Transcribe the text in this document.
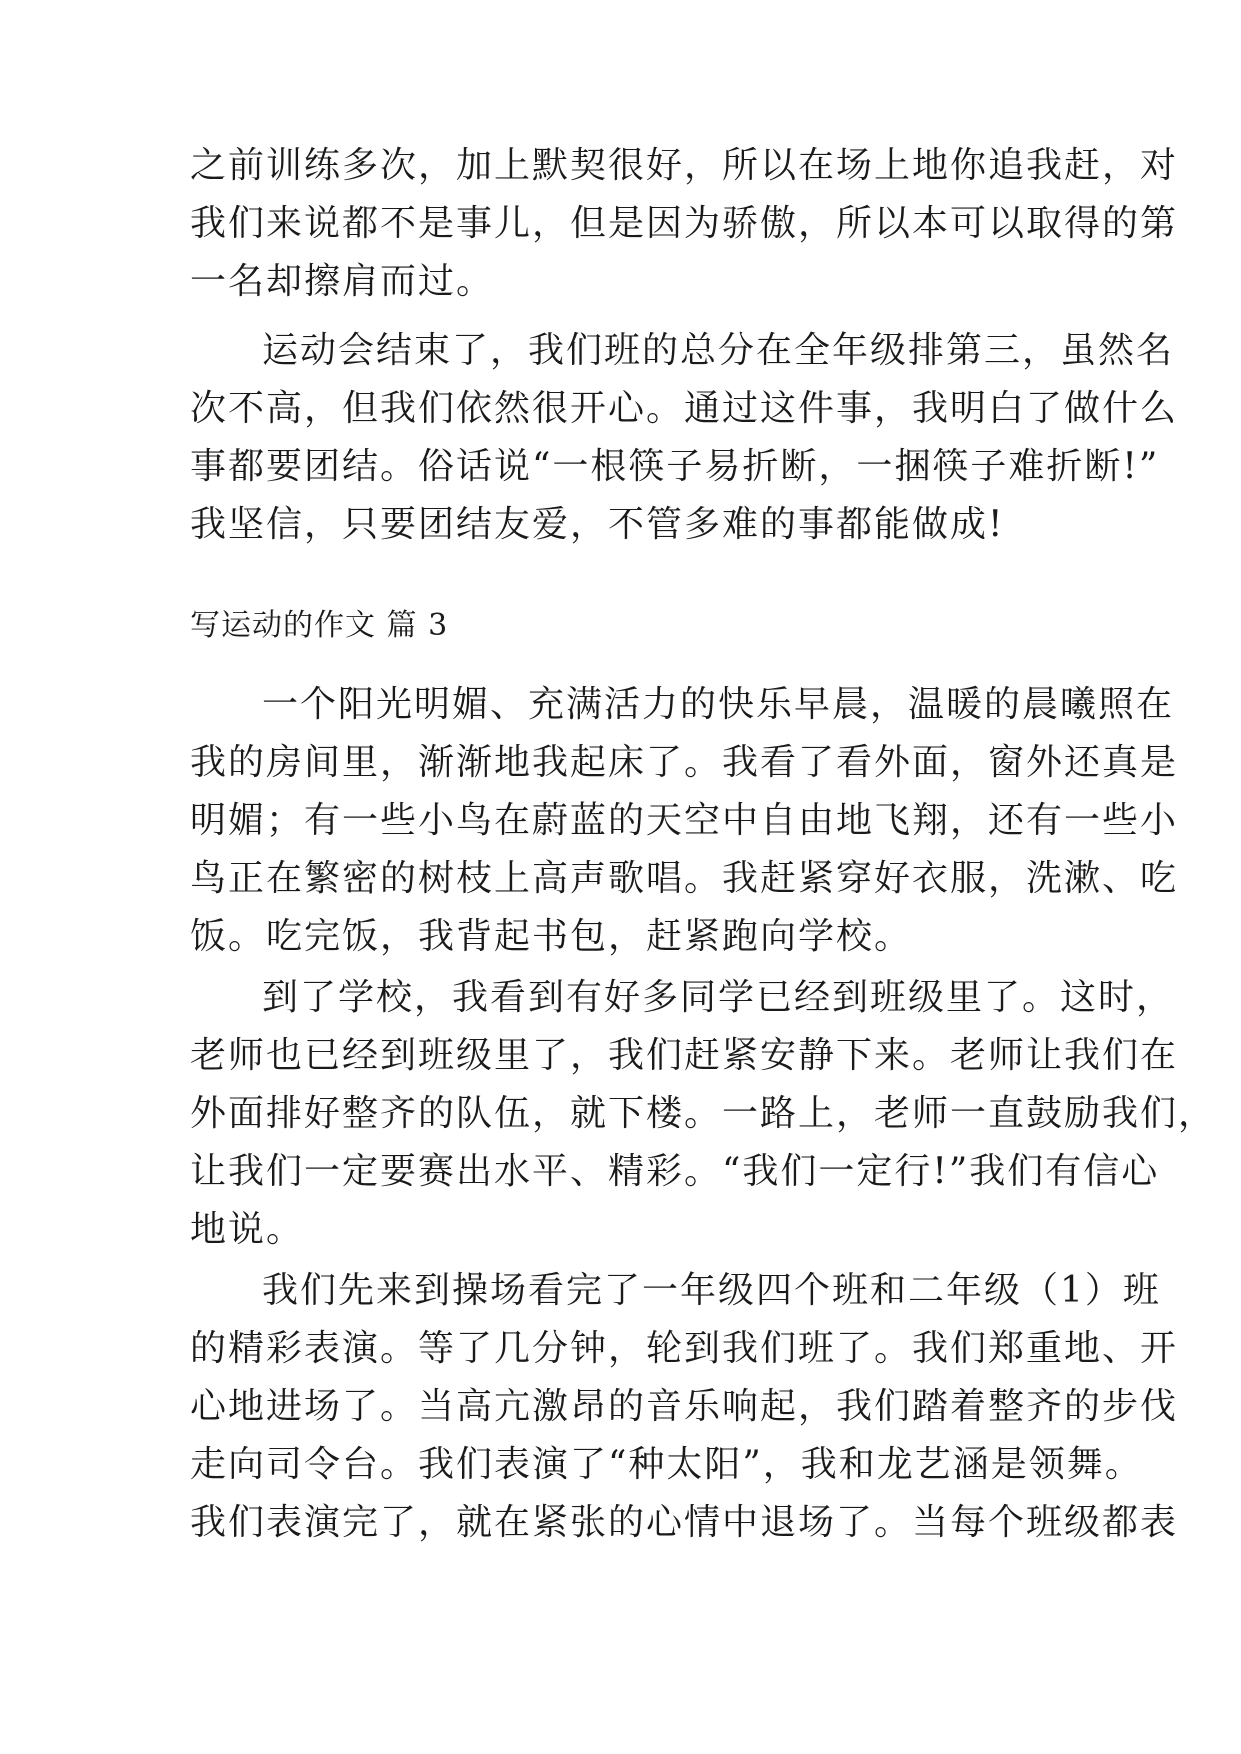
之前训练多次，加上默契很好，所以在场上地你追我赶，对
我们来说都不是事儿，但是因为骄傲，所以本可以取得的第
一名却擦肩而过。
运动会结束了，我们班的总分在全年级排第三，虽然名
次不高，但我们依然很开心。通过这件事，我明白了做什么
事都要团结。俗话说“一根筷子易折断，一捆筷子难折断!”
我坚信，只要团结友爱，不管多难的事都能做成!
写运动的作文 篇 3
一个阳光明媚、充满活力的快乐早晨，温暖的晨曦照在
我的房间里，渐渐地我起床了。我看了看外面，窗外还真是
明媚；有一些小鸟在蔚蓝的天空中自由地飞翔，还有一些小
鸟正在繁密的树枝上高声歌唱。我赶紧穿好衣服，洗漱、吃
饭。吃完饭，我背起书包，赶紧跑向学校。
到了学校，我看到有好多同学已经到班级里了。这时，
老师也已经到班级里了，我们赶紧安静下来。老师让我们在
外面排好整齐的队伍，就下楼。一路上，老师一直鼓励我们，
让我们一定要赛出水平、精彩。“我们一定行!”我们有信心
地说。
我们先来到操场看完了一年级四个班和二年级（1）班
的精彩表演。等了几分钟，轮到我们班了。我们郑重地、开
心地进场了。当高亢激昂的音乐响起，我们踏着整齐的步伐
走向司令台。我们表演了“种太阳”，我和龙艺涵是领舞。
我们表演完了，就在紧张的心情中退场了。当每个班级都表
